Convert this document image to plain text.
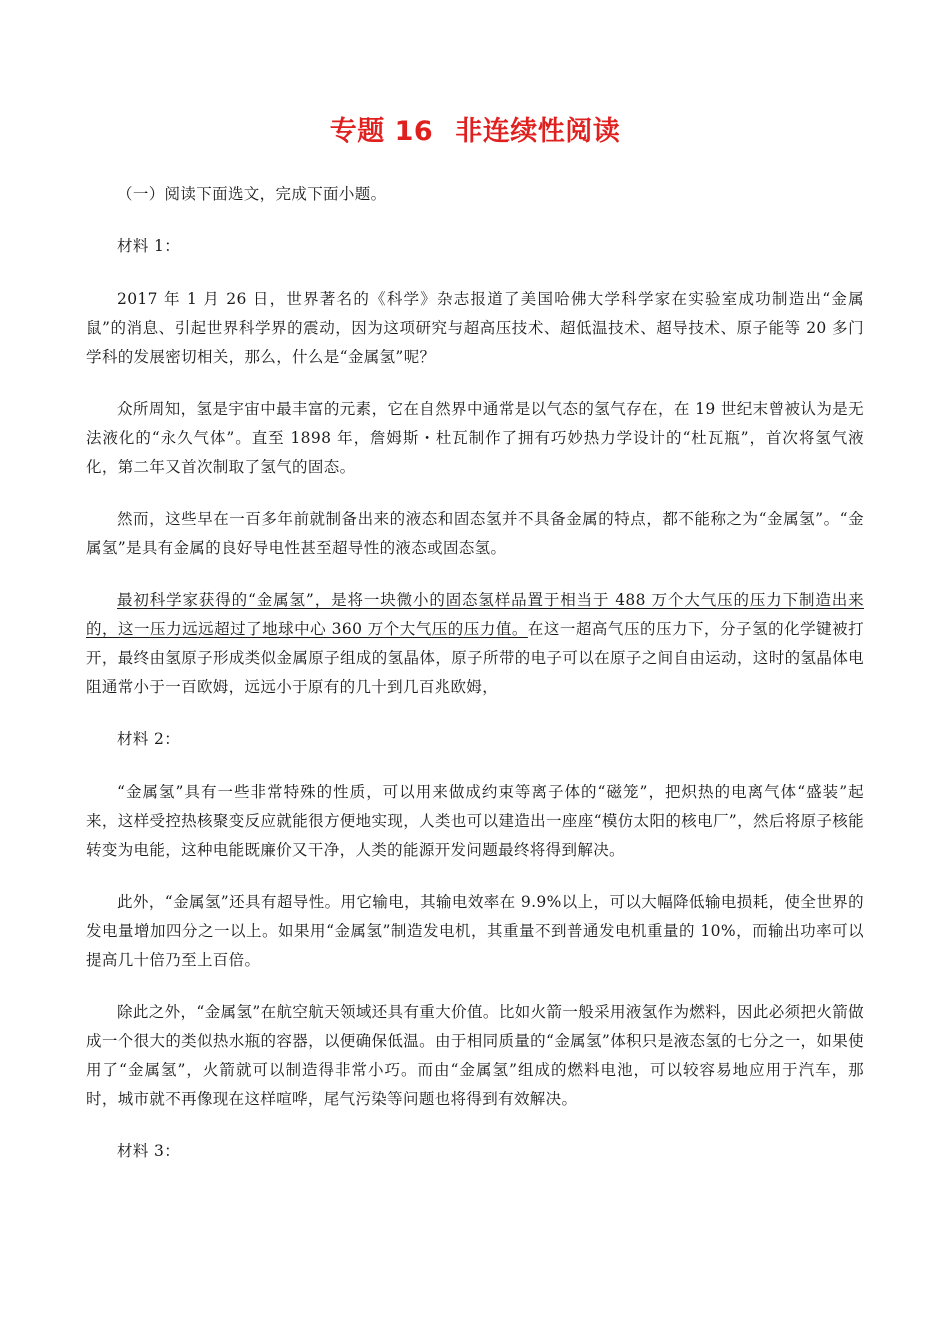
专题 16 非连续性阅读

（一）阅读下面选文，完成下面小题。

材料 1：

2017 年 1 月 26 日，世界著名的《科学》杂志报道了美国哈佛大学科学家在实验室成功制造出“金属鼠”的消息、引起世界科学界的震动，因为这项研究与超高压技术、超低温技术、超导技术、原子能等 20 多门学科的发展密切相关，那么，什么是“金属氢”呢？

众所周知，氢是宇宙中最丰富的元素，它在自然界中通常是以气态的氢气存在，在 19 世纪末曾被认为是无法液化的“永久气体”。直至 1898 年，詹姆斯・杜瓦制作了拥有巧妙热力学设计的“杜瓦瓶”，首次将氢气液化，第二年又首次制取了氢气的固态。

然而，这些早在一百多年前就制备出来的液态和固态氢并不具备金属的特点，都不能称之为“金属氢”。“金属氢”是具有金属的良好导电性甚至超导性的液态或固态氢。

最初科学家获得的“金属氢”，是将一块微小的固态氢样品置于相当于 488 万个大气压的压力下制造出来的，这一压力远远超过了地球中心 360 万个大气压的压力值。在这一超高气压的压力下，分子氢的化学键被打开，最终由氢原子形成类似金属原子组成的氢晶体，原子所带的电子可以在原子之间自由运动，这时的氢晶体电阻通常小于一百欧姆，远远小于原有的几十到几百兆欧姆，

材料 2：

“金属氢”具有一些非常特殊的性质，可以用来做成约束等离子体的“磁笼”，把炽热的电离气体“盛装”起来，这样受控热核聚变反应就能很方便地实现，人类也可以建造出一座座“模仿太阳的核电厂”，然后将原子核能转变为电能，这种电能既廉价又干净，人类的能源开发问题最终将得到解决。

此外，“金属氢”还具有超导性。用它输电，其输电效率在 9.9%以上，可以大幅降低输电损耗，使全世界的发电量增加四分之一以上。如果用“金属氢”制造发电机，其重量不到普通发电机重量的 10%，而输出功率可以提高几十倍乃至上百倍。

除此之外，“金属氢”在航空航天领域还具有重大价值。比如火箭一般采用液氢作为燃料，因此必须把火箭做成一个很大的类似热水瓶的容器，以便确保低温。由于相同质量的“金属氢”体积只是液态氢的七分之一，如果使用了“金属氢”，火箭就可以制造得非常小巧。而由“金属氢”组成的燃料电池，可以较容易地应用于汽车，那时，城市就不再像现在这样喧哗，尾气污染等问题也将得到有效解决。

材料 3：
